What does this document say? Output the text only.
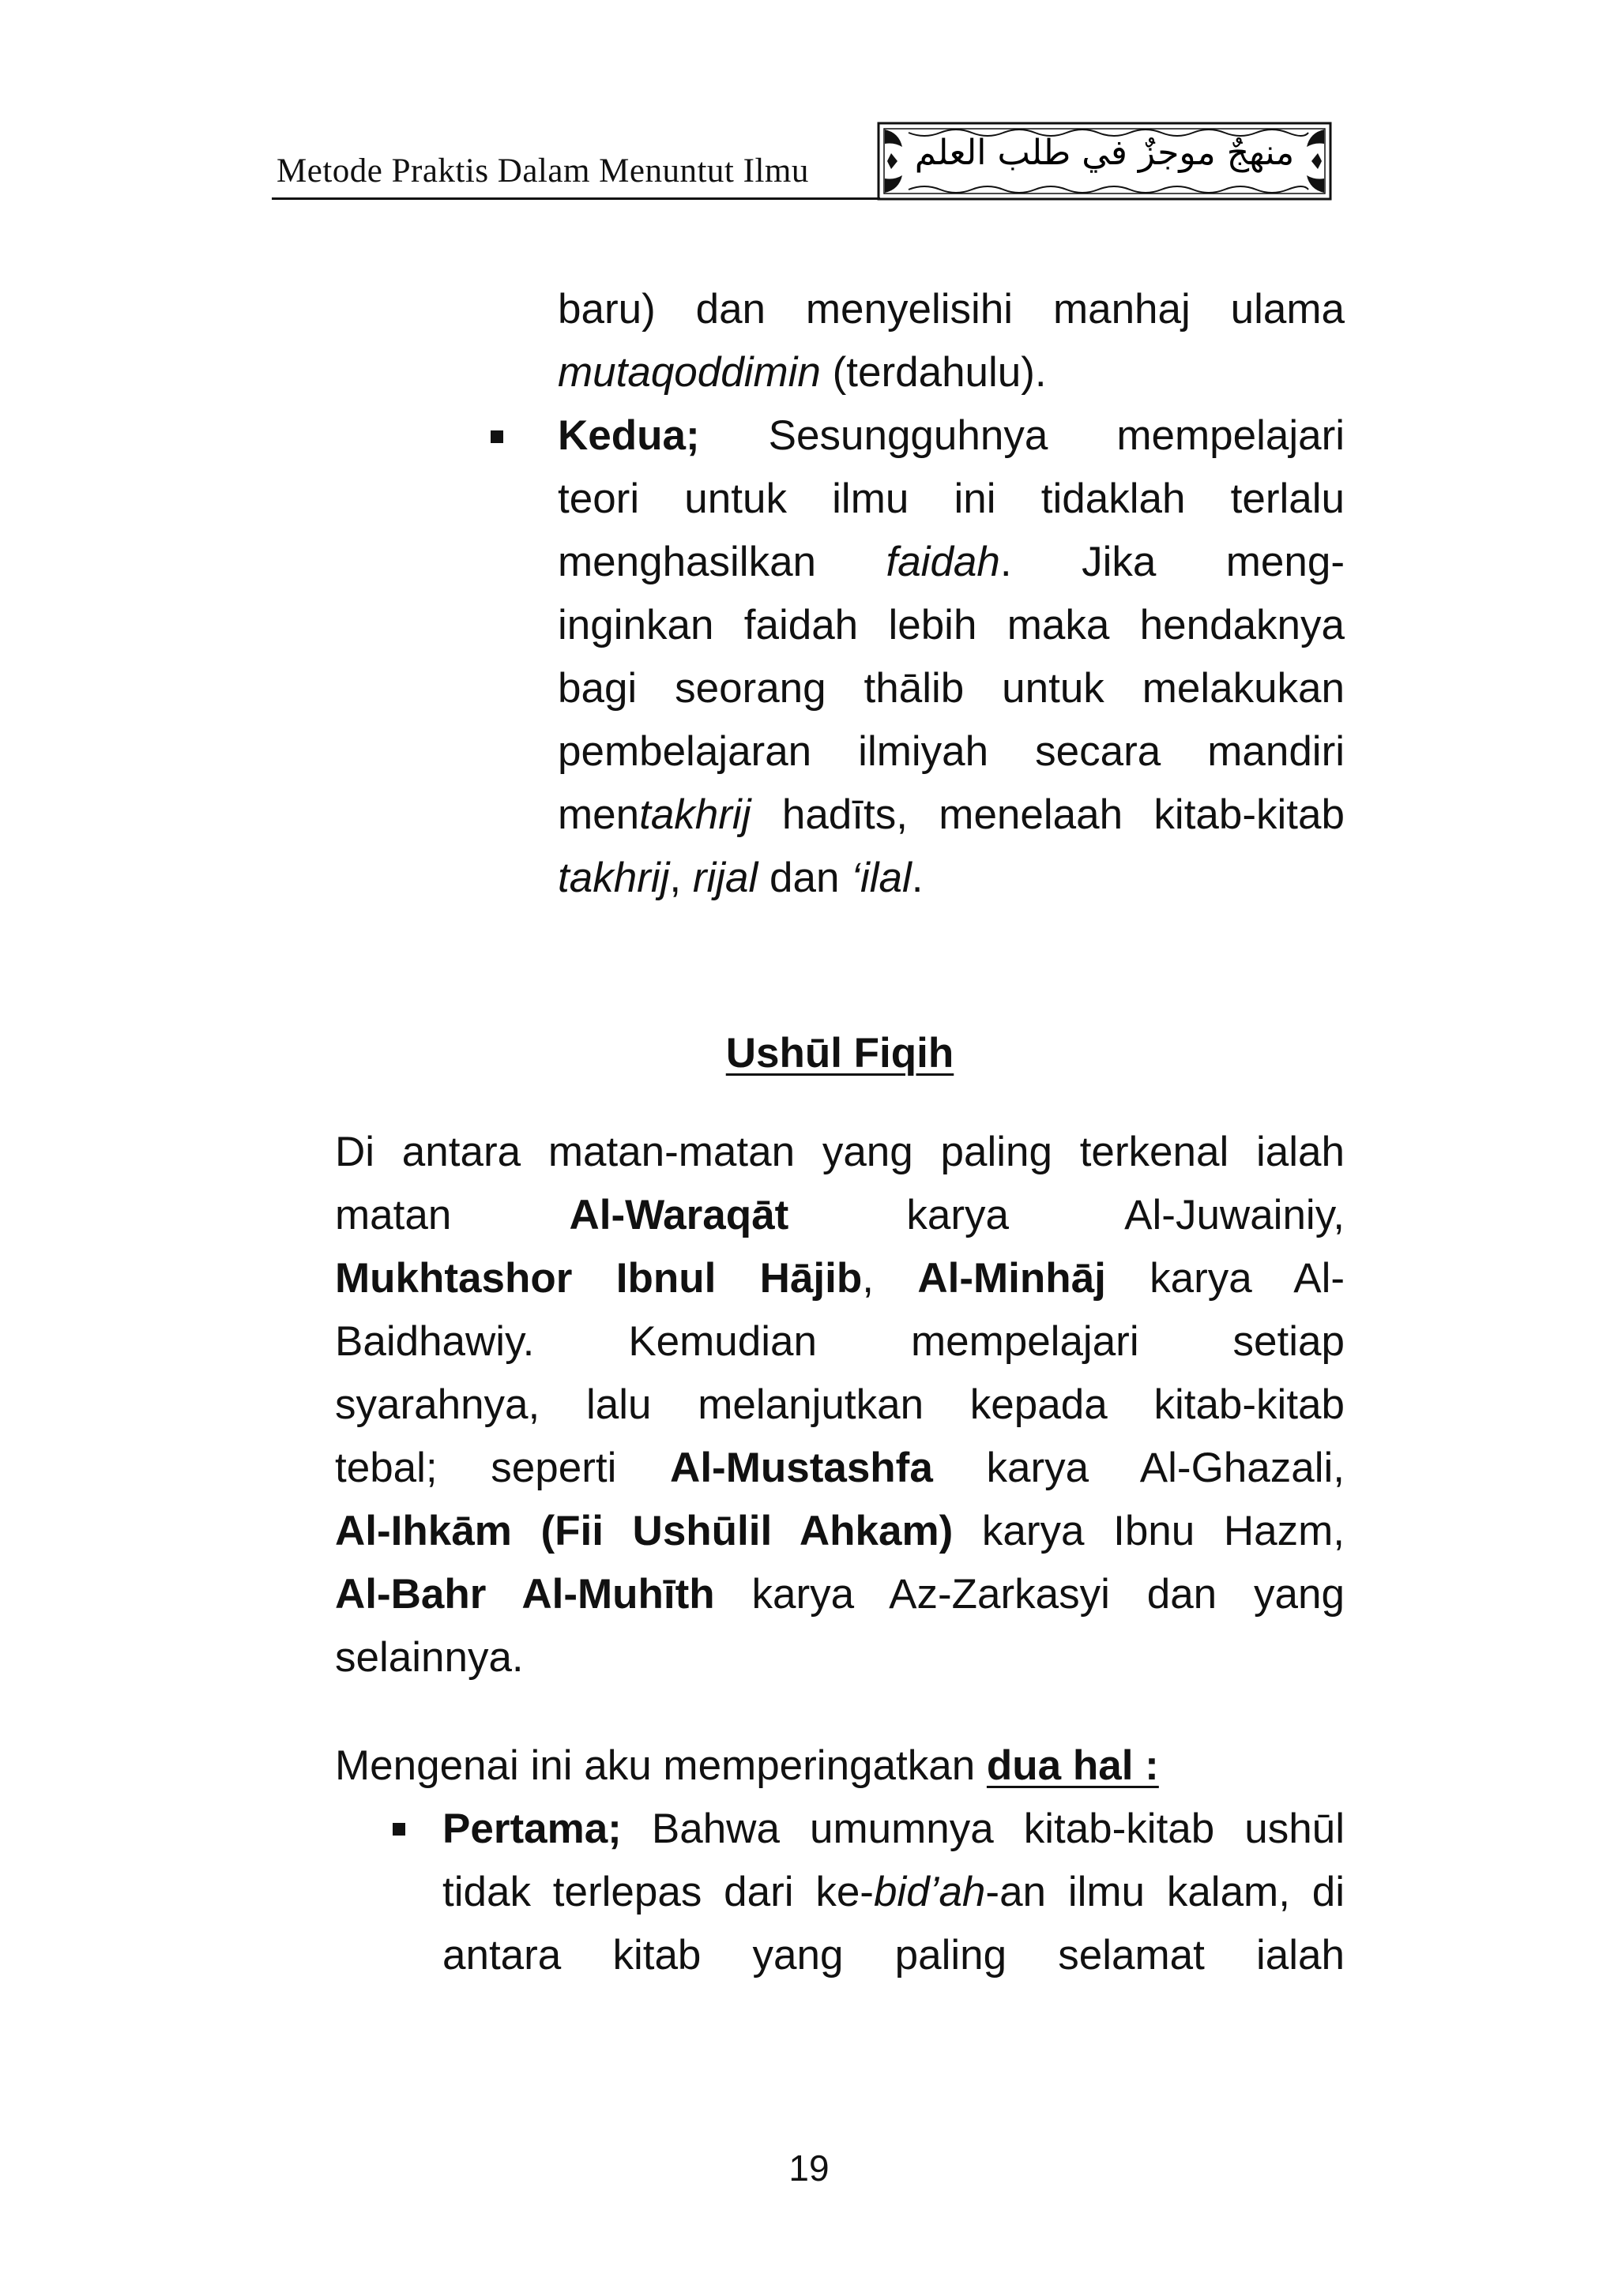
Metode Praktis Dalam Menuntut Ilmu	منهجٌ موجزٌ في طلب العلم
baru) dan menyelisihi manhaj ulama
mutaqoddimin (terdahulu).
Kedua; Sesungguhnya mempelajari
teori untuk ilmu ini tidaklah terlalu
menghasilkan faidah. Jika meng-
inginkan faidah lebih maka hendaknya
bagi seorang thālib untuk melakukan
pembelajaran ilmiyah secara mandiri
mentakhrij hadīts, menelaah kitab-kitab
takhrij, rijal dan ‘ilal.
Ushūl Fiqih
Di antara matan-matan yang paling terkenal ialah
matan Al-Waraqāt karya Al-Juwainiy,
Mukhtashor Ibnul Hājib, Al-Minhāj karya Al-
Baidhawiy. Kemudian mempelajari setiap
syarahnya, lalu melanjutkan kepada kitab-kitab
tebal; seperti Al-Mustashfa karya Al-Ghazali,
Al-Ihkām (Fii Ushūlil Ahkam) karya Ibnu Hazm,
Al-Bahr Al-Muhīth karya Az-Zarkasyi dan yang
selainnya.
Mengenai ini aku memperingatkan dua hal :
Pertama; Bahwa umumnya kitab-kitab ushūl
tidak terlepas dari ke-bid’ah-an ilmu kalam, di
antara kitab yang paling selamat ialah
19
